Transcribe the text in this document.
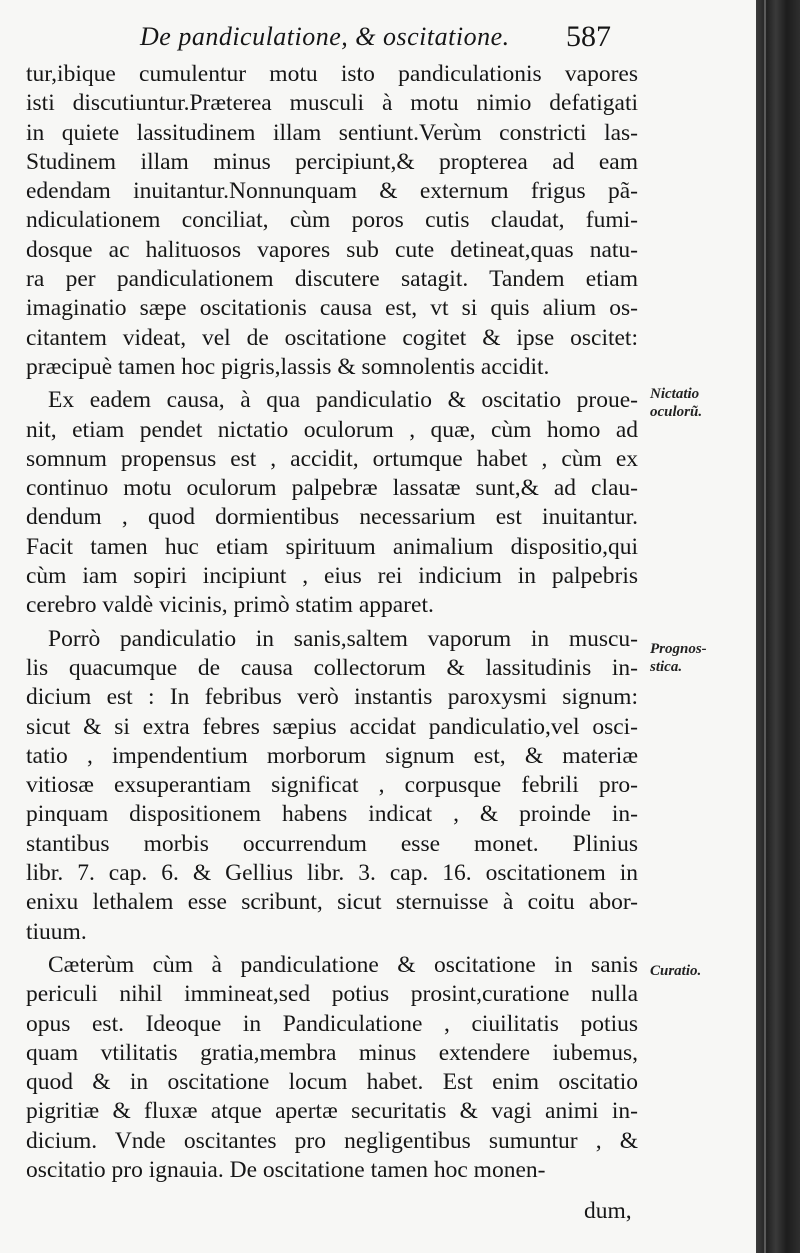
De pandiculatione, & oscitatione.	587
tur,ibique cumulentur motu isto pandiculationis vapores
isti discutiuntur.Præterea musculi à motu nimio defatigati
in quiete lassitudinem illam sentiunt.Verùm constricti las-
Studinem illam minus percipiunt,& propterea ad eam
edendam inuitantur.Nonnunquam & externum frigus pã-
ndiculationem conciliat, cùm poros cutis claudat, fumi-
dosque ac halituosos vapores sub cute detineat,quas natu-
ra per pandiculationem discutere satagit. Tandem etiam
imaginatio sæpe oscitationis causa est, vt si quis alium os-
citantem videat, vel de oscitatione cogitet & ipse oscitet:
præcipuè tamen hoc pigris,lassis & somnolentis accidit.
Ex eadem causa, à qua pandiculatio & oscitatio proue-
nit, etiam pendet nictatio oculorum , quæ, cùm homo ad
somnum propensus est , accidit, ortumque habet , cùm ex
continuo motu oculorum palpebræ lassatæ sunt,& ad clau-
dendum , quod dormientibus necessarium est inuitantur.
Facit tamen huc etiam spirituum animalium dispositio,qui
cùm iam sopiri incipiunt , eius rei indicium in palpebris
cerebro valdè vicinis, primò statim apparet.
Porrò pandiculatio in sanis,saltem vaporum in muscu-
lis quacumque de causa collectorum & lassitudinis in-
dicium est : In febribus verò instantis paroxysmi signum:
sicut & si extra febres sæpius accidat pandiculatio,vel osci-
tatio , impendentium morborum signum est, & materiæ
vitiosæ exsuperantiam significat , corpusque febrili pro-
pinquam dispositionem habens indicat , & proinde in-
stantibus morbis occurrendum esse monet. Plinius
libr. 7. cap. 6. & Gellius libr. 3. cap. 16. oscitationem in
enixu lethalem esse scribunt, sicut sternuisse à coitu abor-
tiuum.
Cæterùm cùm à pandiculatione & oscitatione in sanis
periculi nihil immineat,sed potius prosint,curatione nulla
opus est. Ideoque in Pandiculatione , ciuilitatis potius
quam vtilitatis gratia,membra minus extendere iubemus,
quod & in oscitatione locum habet. Est enim oscitatio
pigritiæ & fluxæ atque apertæ securitatis & vagi animi in-
dicium. Vnde oscitantes pro negligentibus sumuntur , &
oscitatio pro ignauia. De oscitatione tamen hoc monen-
Nictatio
oculorũ.
Prognos-
stica.
Curatio.
dum,
